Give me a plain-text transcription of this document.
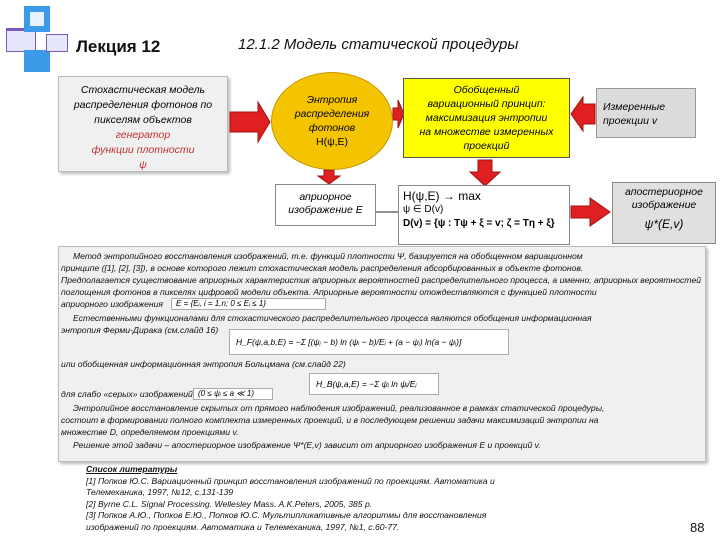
Лекция 12	12.1.2 Модель статической процедуры
Стохастическая модель
распределения фотонов по
пикселям объектов
генератор
функции плотности
ψ
Энтропия
распределения
фотонов
H(ψ,E)
Обобщенный
вариационный принцип:
максимизация энтропии
на множестве измеренных
проекций
Измеренные
проекции v
априорное
изображение E
H(ψ,E) → max
ψ ∈ D(v)
D(v) = {ψ : Tψ + ξ = v; ζ = Tη + ξ}
апостериорное
изображение
ψ*(E,v)
Метод энтропийного восстановления изображений, т.е. функций плотности Ψ, базируется на обобщенном вариационном
принципе ([1], [2], [3]), в основе которого лежит стохастическая модель распределения абсорбированных в объекте фотонов.
Предполагается существование априорных характеристик априорных вероятностей распределительного процесса, а именно, априорных вероятностей
поглощения фотонов в пикселях цифровой модели объекта. Априорные вероятности отождествляются с функцией плотности
априорного изображения	E = {Eᵢ, i = 1,n; 0 ≤ Eᵢ ≤ 1}
Естественными функционалами для стохастического распределительного процесса являются обобщения информационная
энтропия Ферми-Дирака (см.слайд 16)
H_F(ψ,a,b,E) = −Σ [(ψᵢ − b) ln (ψᵢ − b)/Eᵢ + (a − ψᵢ) ln(a − ψᵢ)]
или обобщенная информационная энтропия Больцмана (см.слайд 22)
H_B(ψ,a,E) = −Σ ψᵢ ln ψᵢ/Eᵢ
для слабо «серых» изображений (0 ≤ ψᵢ ≤ a ≪ 1)
Энтропийное восстановление скрытых от прямого наблюдения изображений, реализованное в рамках статической процедуры,
состоит в формировании полного комплекта измеренных проекций, и в последующем решении задачи максимизаций энтропии на
множестве D, определяемом проекциями v.
Решение этой задачи – апостериорное изображение Ψ*(E,v) зависит от априорного изображения E и проекций v.
Список литературы
[1] Попков Ю.С. Вариационный принцип восстановления изображений по проекциям. Автоматика и
Телемеханика, 1997, №12, с.131-139
[2] Byrne C.L. Signal Processing. Wellesley Mass. A.K.Peters, 2005, 385 p.
[3] Попков А.Ю., Попков Е.Ю., Попков Ю.С. Мультипликативные алгоритмы для восстановления
изображений по проекциям. Автоматика и Телемеханика, 1997, №1, с.60-77.	88
